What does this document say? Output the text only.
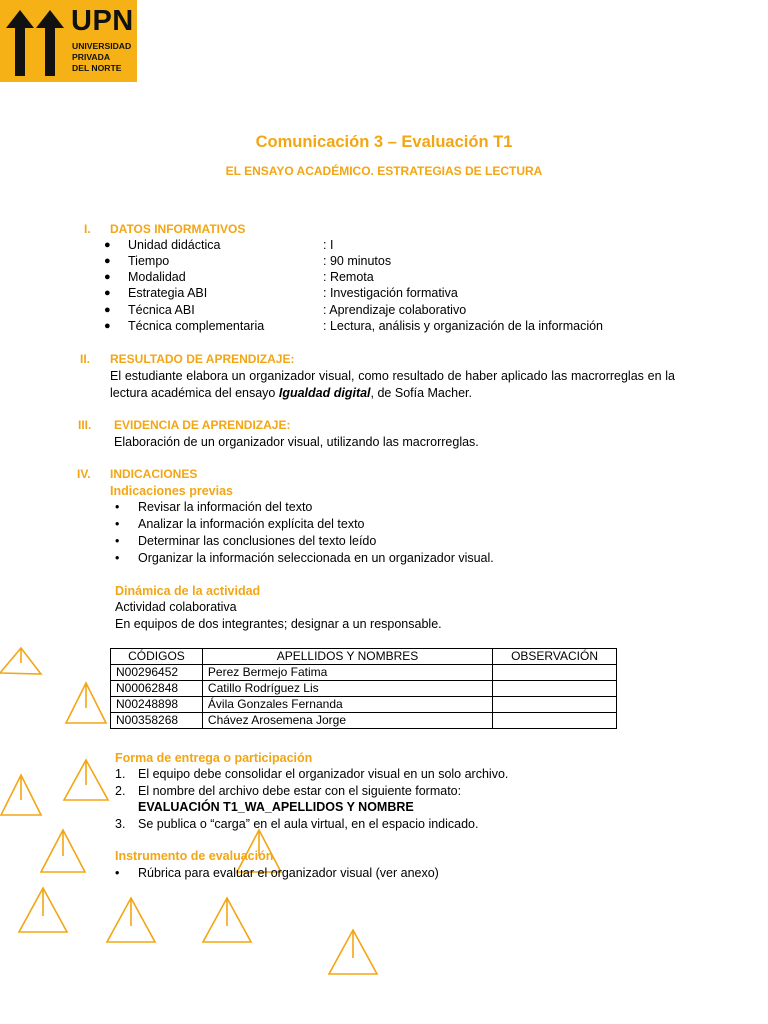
UPN
UNIVERSIDAD
PRIVADA
DEL NORTE
Comunicación 3 – Evaluación T1
EL ENSAYO ACADÉMICO. ESTRATEGIAS DE LECTURA
I. DATOS INFORMATIVOS
● Unidad didáctica	: I
● Tiempo	: 90 minutos
● Modalidad	: Remota
● Estrategia ABI	: Investigación formativa
● Técnica ABI	: Aprendizaje colaborativo
● Técnica complementaria	: Lectura, análisis y organización de la información
II. RESULTADO DE APRENDIZAJE:
El estudiante elabora un organizador visual, como resultado de haber aplicado las macrorreglas en la lectura académica del ensayo Igualdad digital, de Sofía Macher.
III. EVIDENCIA DE APRENDIZAJE:
Elaboración de un organizador visual, utilizando las macrorreglas.
IV. INDICACIONES
Indicaciones previas
• Revisar la información del texto
• Analizar la información explícita del texto
• Determinar las conclusiones del texto leído
• Organizar la información seleccionada en un organizador visual.
Dinámica de la actividad
Actividad colaborativa
En equipos de dos integrantes; designar a un responsable.
CÓDIGOS	APELLIDOS Y NOMBRES	OBSERVACIÓN
N00296452	Perez Bermejo Fatima	
N00062848	Catillo Rodríguez Lis	
N00248898	Ávila Gonzales Fernanda	
N00358268	Chávez Arosemena Jorge	
Forma de entrega o participación
1. El equipo debe consolidar el organizador visual en un solo archivo.
2. El nombre del archivo debe estar con el siguiente formato:
EVALUACIÓN T1_WA_APELLIDOS Y NOMBRE
3. Se publica o “carga” en el aula virtual, en el espacio indicado.
Instrumento de evaluación
• Rúbrica para evaluar el organizador visual (ver anexo)
